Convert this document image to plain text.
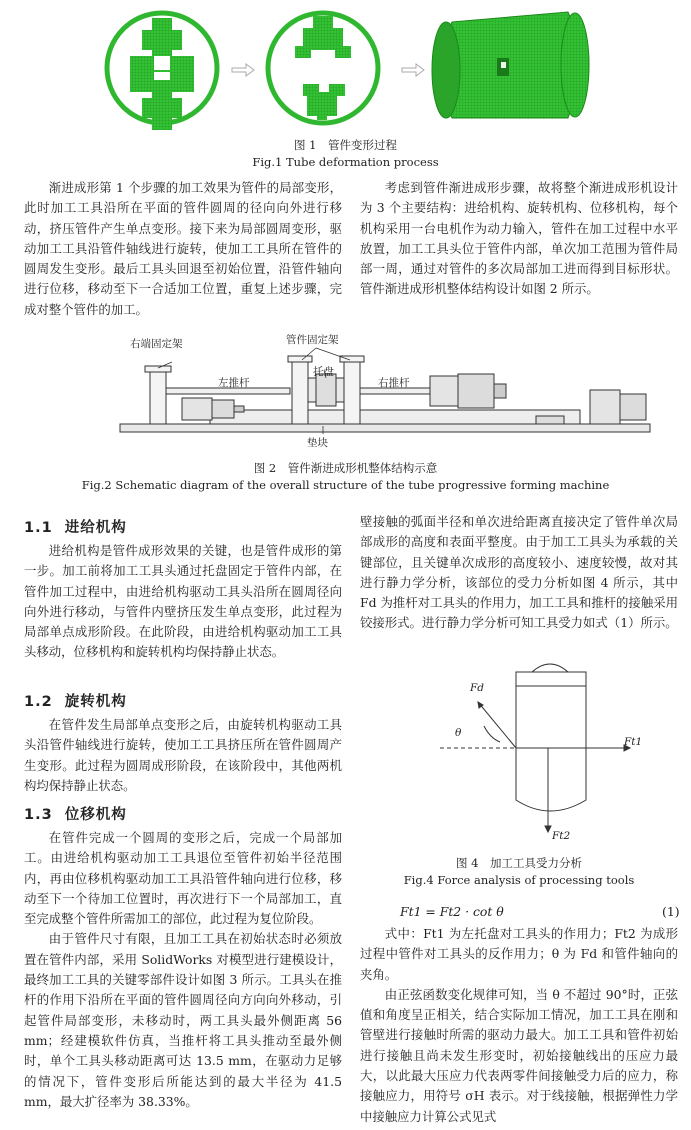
图 1　管件变形过程
Fig.1 Tube deformation process

渐进成形第 1 个步骤的加工效果为管件的局部变形，此时加工工具沿所在平面的管件圆周的径向向外进行移动，挤压管件产生单点变形。接下来为局部圆周变形，驱动加工工具沿管件轴线进行旋转，使加工工具所在管件的圆周发生变形。最后工具头回退至初始位置，沿管件轴向进行位移，移动至下一合适加工位置，重复上述步骤，完成对整个管件的加工。

考虑到管件渐进成形步骤，故将整个渐进成形机设计为 3 个主要结构：进给机构、旋转机构、位移机构，每个机构采用一台电机作为动力输入，管件在加工过程中水平放置，加工工具头位于管件内部，单次加工范围为管件局部一周，通过对管件的多次局部加工进而得到目标形状。管件渐进成形机整体结构设计如图 2 所示。

右端固定架	管件固定架
左推杆
托盘
右推杆
垫块
图 2　管件渐进成形机整体结构示意
Fig.2 Schematic diagram of the overall structure of the tube progressive forming machine
1.1 进给机构

进给机构是管件成形效果的关键，也是管件成形的第一步。加工前将加工工具头通过托盘固定于管件内部，在管件加工过程中，由进给机构驱动工具头沿所在圆周径向向外进行移动，与管件内壁挤压发生单点变形，此过程为局部单点成形阶段。在此阶段，由进给机构驱动加工工具头移动，位移机构和旋转机构均保持静止状态。

1.2 旋转机构

在管件发生局部单点变形之后，由旋转机构驱动工具头沿管件轴线进行旋转，使加工工具挤压所在管件圆周产生变形。此过程为圆周成形阶段，在该阶段中，其他两机构均保持静止状态。

1.3 位移机构

在管件完成一个圆周的变形之后，完成一个局部加工。由进给机构驱动加工工具退位至管件初始半径范围内，再由位移机构驱动加工工具沿管件轴向进行位移，移动至下一个待加工位置时，再次进行下一个局部加工，直至完成整个管件所需加工的部位，此过程为复位阶段。

由于管件尺寸有限，且加工工具在初始状态时必须放置在管件内部，采用 SolidWorks 对模型进行建模设计，最终加工工具的关键零部件设计如图 3 所示。工具头在推杆的作用下沿所在平面的管件圆周径向方向向外移动，引起管件局部变形，未移动时，两工具头最外侧距离 56 mm；经建模软件仿真，当推杆将工具头推动至最外侧时，单个工具头移动距离可达 13.5 mm，在驱动力足够的情况下，管件变形后所能达到的最大半径为 41.5 mm，最大扩径率为 38.33%。

壁接触的弧面半径和单次进给距离直接决定了管件单次局部成形的高度和表面平整度。由于加工工具头为承载的关键部位，且关键单次成形的高度较小、速度较慢，故对其进行静力学分析，该部位的受力分析如图 4 所示，其中 Fd 为推杆对工具头的作用力，加工工具和推杆的接触采用铰接形式。进行静力学分析可知工具受力如式（1）所示。

Fd
θ
Ft1
Ft2
图 4　加工工具受力分析
Fig.4 Force analysis of processing tools
Ft1 = Ft2 · cot θ	(1)

式中：Ft1 为左托盘对工具头的作用力；Ft2 为成形过程中管件对工具头的反作用力；θ 为 Fd 和管件轴向的夹角。

由正弦函数变化规律可知，当 θ 不超过 90°时，正弦值和角度呈正相关，结合实际加工情况，加工工具在刚和管壁进行接触时所需的驱动力最大。加工工具和管件初始进行接触且尚未发生形变时，初始接触线出的压应力最大，以此最大压应力代表两零件间接触受力后的应力，称接触应力，用符号 σH 表示。对于线接触，根据弹性力学中接触应力计算公式见式
